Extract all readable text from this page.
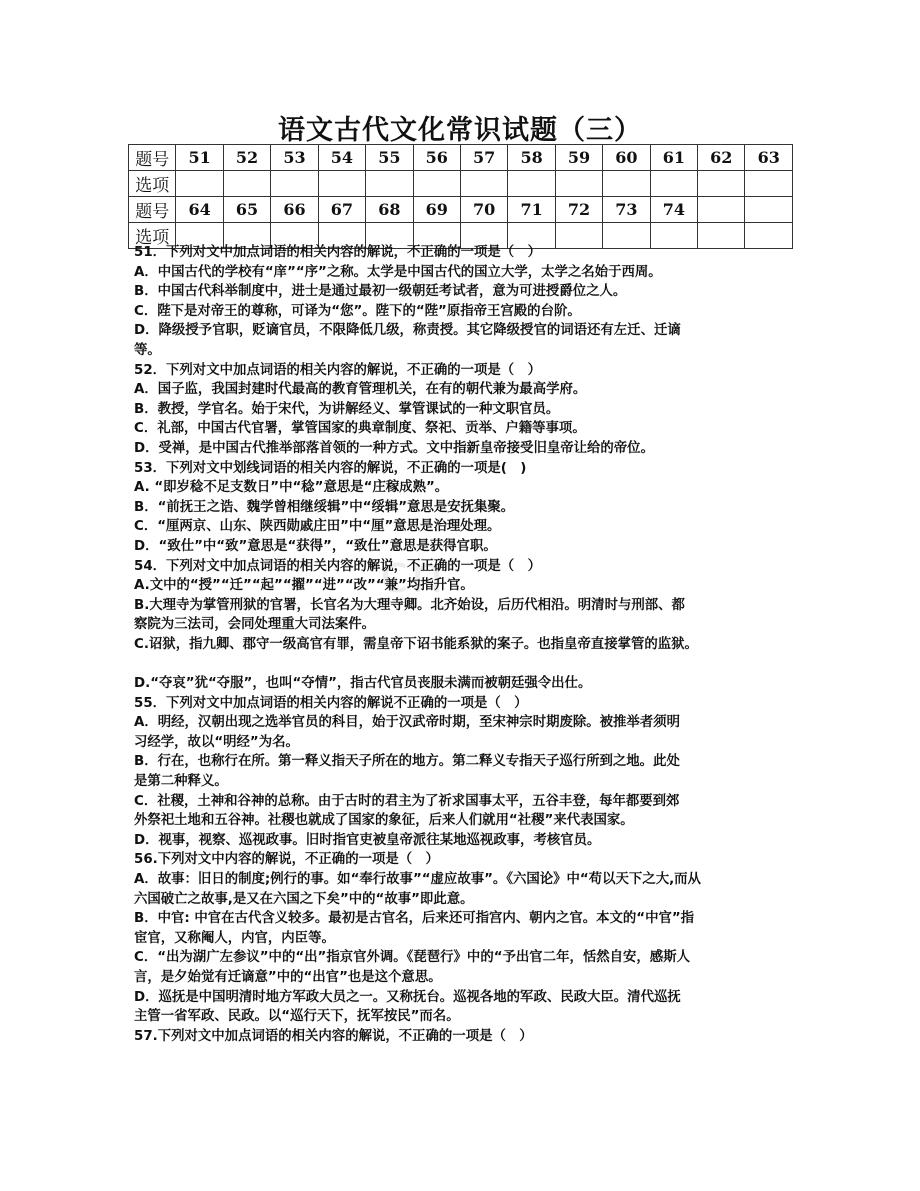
语文古代文化常识试题（三）
题号	51	52	53	54	55	56	57	58	59	60	61	62	63
选项													
题号	64	65	66	67	68	69	70	71	72	73	74		
选项													
cn
51．下列对文中加点词语的相关内容的解说，不正确的一项是（　）
A．中国古代的学校有“庠”“序”之称。太学是中国古代的国立大学，太学之名始于西周。
B．中国古代科举制度中，进士是通过最初一级朝廷考试者，意为可进授爵位之人。
C．陛下是对帝王的尊称，可译为“您”。陛下的“陛”原指帝王宫殿的台阶。
D．降级授予官职，贬谪官员，不限降低几级，称责授。其它降级授官的词语还有左迁、迁谪
等。
52．下列对文中加点词语的相关内容的解说，不正确的一项是（　）
A．国子监，我国封建时代最高的教育管理机关，在有的朝代兼为最高学府。
B．教授，学官名。始于宋代，为讲解经义、掌管课试的一种文职官员。
C．礼部，中国古代官署，掌管国家的典章制度、祭祀、贡举、户籍等事项。
D．受禅，是中国古代推举部落首领的一种方式。文中指新皇帝接受旧皇帝让给的帝位。
53．下列对文中划线词语的相关内容的解说，不正确的一项是(　)
A. “即岁稔不足支数日”中“稔”意思是“庄稼成熟”。
B．“前抚王之诰、魏学曾相继绥辑”中“绥辑”意思是安抚集聚。
C．“厘两京、山东、陕西勋戚庄田”中“厘”意思是治理处理。
D．“致仕”中“致”意思是“获得”，“致仕”意思是获得官职。
54．下列对文中加点词语的相关内容的解说，不正确的一项是（　）
A.文中的“授”“迁”“起”“擢”“进”“改”“兼”均指升官。
B.大理寺为掌管刑狱的官署，长官名为大理寺卿。北齐始设，后历代相沿。明清时与刑部、都
察院为三法司，会同处理重大司法案件。
C.诏狱，指九卿、郡守一级高官有罪，需皇帝下诏书能系狱的案子。也指皇帝直接掌管的监狱。
D.“夺哀”犹“夺服”，也叫“夺情”，指古代官员丧服未满而被朝廷强令出仕。
55．下列对文中加点词语的相关内容的解说不正确的一项是（　）
A．明经，汉朝出现之选举官员的科目，始于汉武帝时期，至宋神宗时期废除。被推举者须明
习经学，故以“明经”为名。
B．行在，也称行在所。第一释义指天子所在的地方。第二释义专指天子巡行所到之地。此处
是第二种释义。
C．社稷，土神和谷神的总称。由于古时的君主为了祈求国事太平，五谷丰登，每年都要到郊
外祭祀土地和五谷神。社稷也就成了国家的象征，后来人们就用“社稷”来代表国家。
D．视事，视察、巡视政事。旧时指官吏被皇帝派往某地巡视政事，考核官员。
56.下列对文中内容的解说，不正确的一项是（　）
A．故事：旧日的制度;例行的事。如“奉行故事”“虚应故事”。《六国论》中“苟以天下之大,而从
六国破亡之故事,是又在六国之下矣”中的“故事”即此意。
B．中官: 中官在古代含义较多。最初是古官名，后来还可指宫内、朝内之官。本文的“中官”指
宦官，又称阉人，内官，内臣等。
C．“出为湖广左参议”中的“出”指京官外调。《琵琶行》中的“予出官二年，恬然自安，感斯人
言，是夕始觉有迁谪意”中的“出官”也是这个意思。
D．巡抚是中国明清时地方军政大员之一。又称抚台。巡视各地的军政、民政大臣。清代巡抚
主管一省军政、民政。以“巡行天下，抚军按民”而名。
57.下列对文中加点词语的相关内容的解说，不正确的一项是（　）
